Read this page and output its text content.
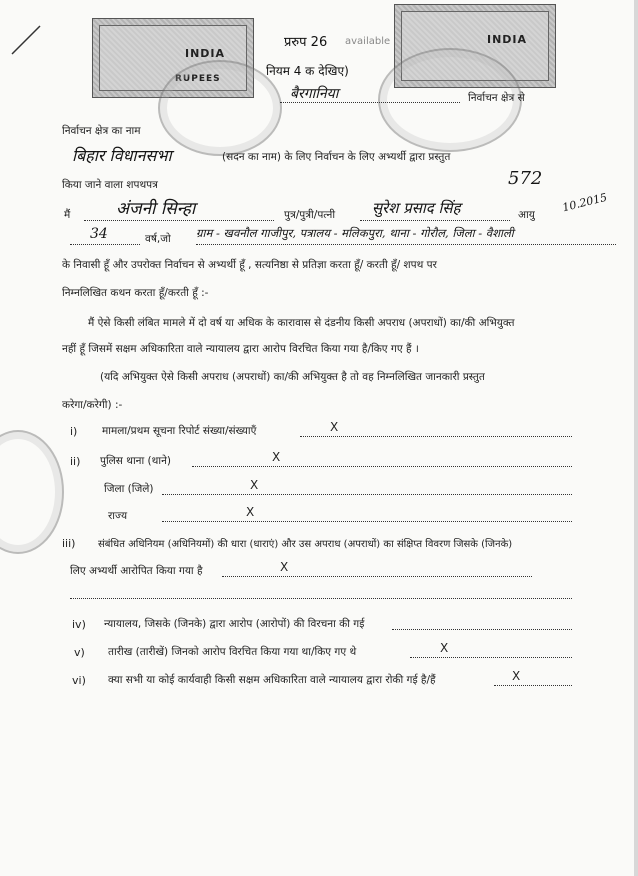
INDIA
RUPEES
INDIA
प्ररुप 26 available
नियम 4 क देखिए)
बैरगानिया	निर्वाचन क्षेत्र से
निर्वाचन क्षेत्र का नाम
बिहार विधानसभा	(सदन का नाम) के लिए निर्वाचन के लिए अभ्यर्थी द्वारा प्रस्तुत
किया जाने वाला शपथपत्र	572
10.2015
मैं	अंजनी सिन्हा	पुत्र/पुत्री/पत्नी सुरेश प्रसाद सिंह	आयु
34	वर्ष,जो ग्राम - खवनौल गाजीपुर, पत्रालय - मलिकपुरा, थाना - गोरौल, जिला - वैशाली
के निवासी हूँ और उपरोक्त निर्वाचन से अभ्यर्थी हूँ , सत्यनिष्ठा से प्रतिज्ञा करता हूँ/ करती हूँ/ शपथ पर
निम्नलिखित कथन करता हूँ/करती हूँ :-
मैं ऐसे किसी लंबित मामले में दो वर्ष या अधिक के कारावास से दंडनीय किसी अपराध (अपराधों) का/की अभियुक्त
नहीं हूँ जिसमें सक्षम अधिकारिता वाले न्यायालय द्वारा आरोप विरचित किया गया है/किए गए हैं ।
(यदि अभियुक्त ऐसे किसी अपराध (अपराधों) का/की अभियुक्त है तो वह निम्नलिखित जानकारी प्रस्तुत
करेगा/करेगी) :-
i) मामला/प्रथम सूचना रिपोर्ट संख्या/संख्याएँ	X
ii) पुलिस थाना (थाने)	X
जिला (जिले)	X
राज्य	X
iii) संबंधित अधिनियम (अधिनियमों) की धारा (धाराएं) और उस अपराध (अपराधों) का संक्षिप्त विवरण जिसके (जिनके)
लिए अभ्यर्थी आरोपित किया गया है	X
iv) न्यायालय, जिसके (जिनके) द्वारा आरोप (आरोपों) की विरचना की गई
v) तारीख (तारीखें) जिनको आरोप विरचित किया गया था/किए गए थे	X
vi) क्या सभी या कोई कार्यवाही किसी सक्षम अधिकारिता वाले न्यायालय द्वारा रोकी गई है/हैं	X
